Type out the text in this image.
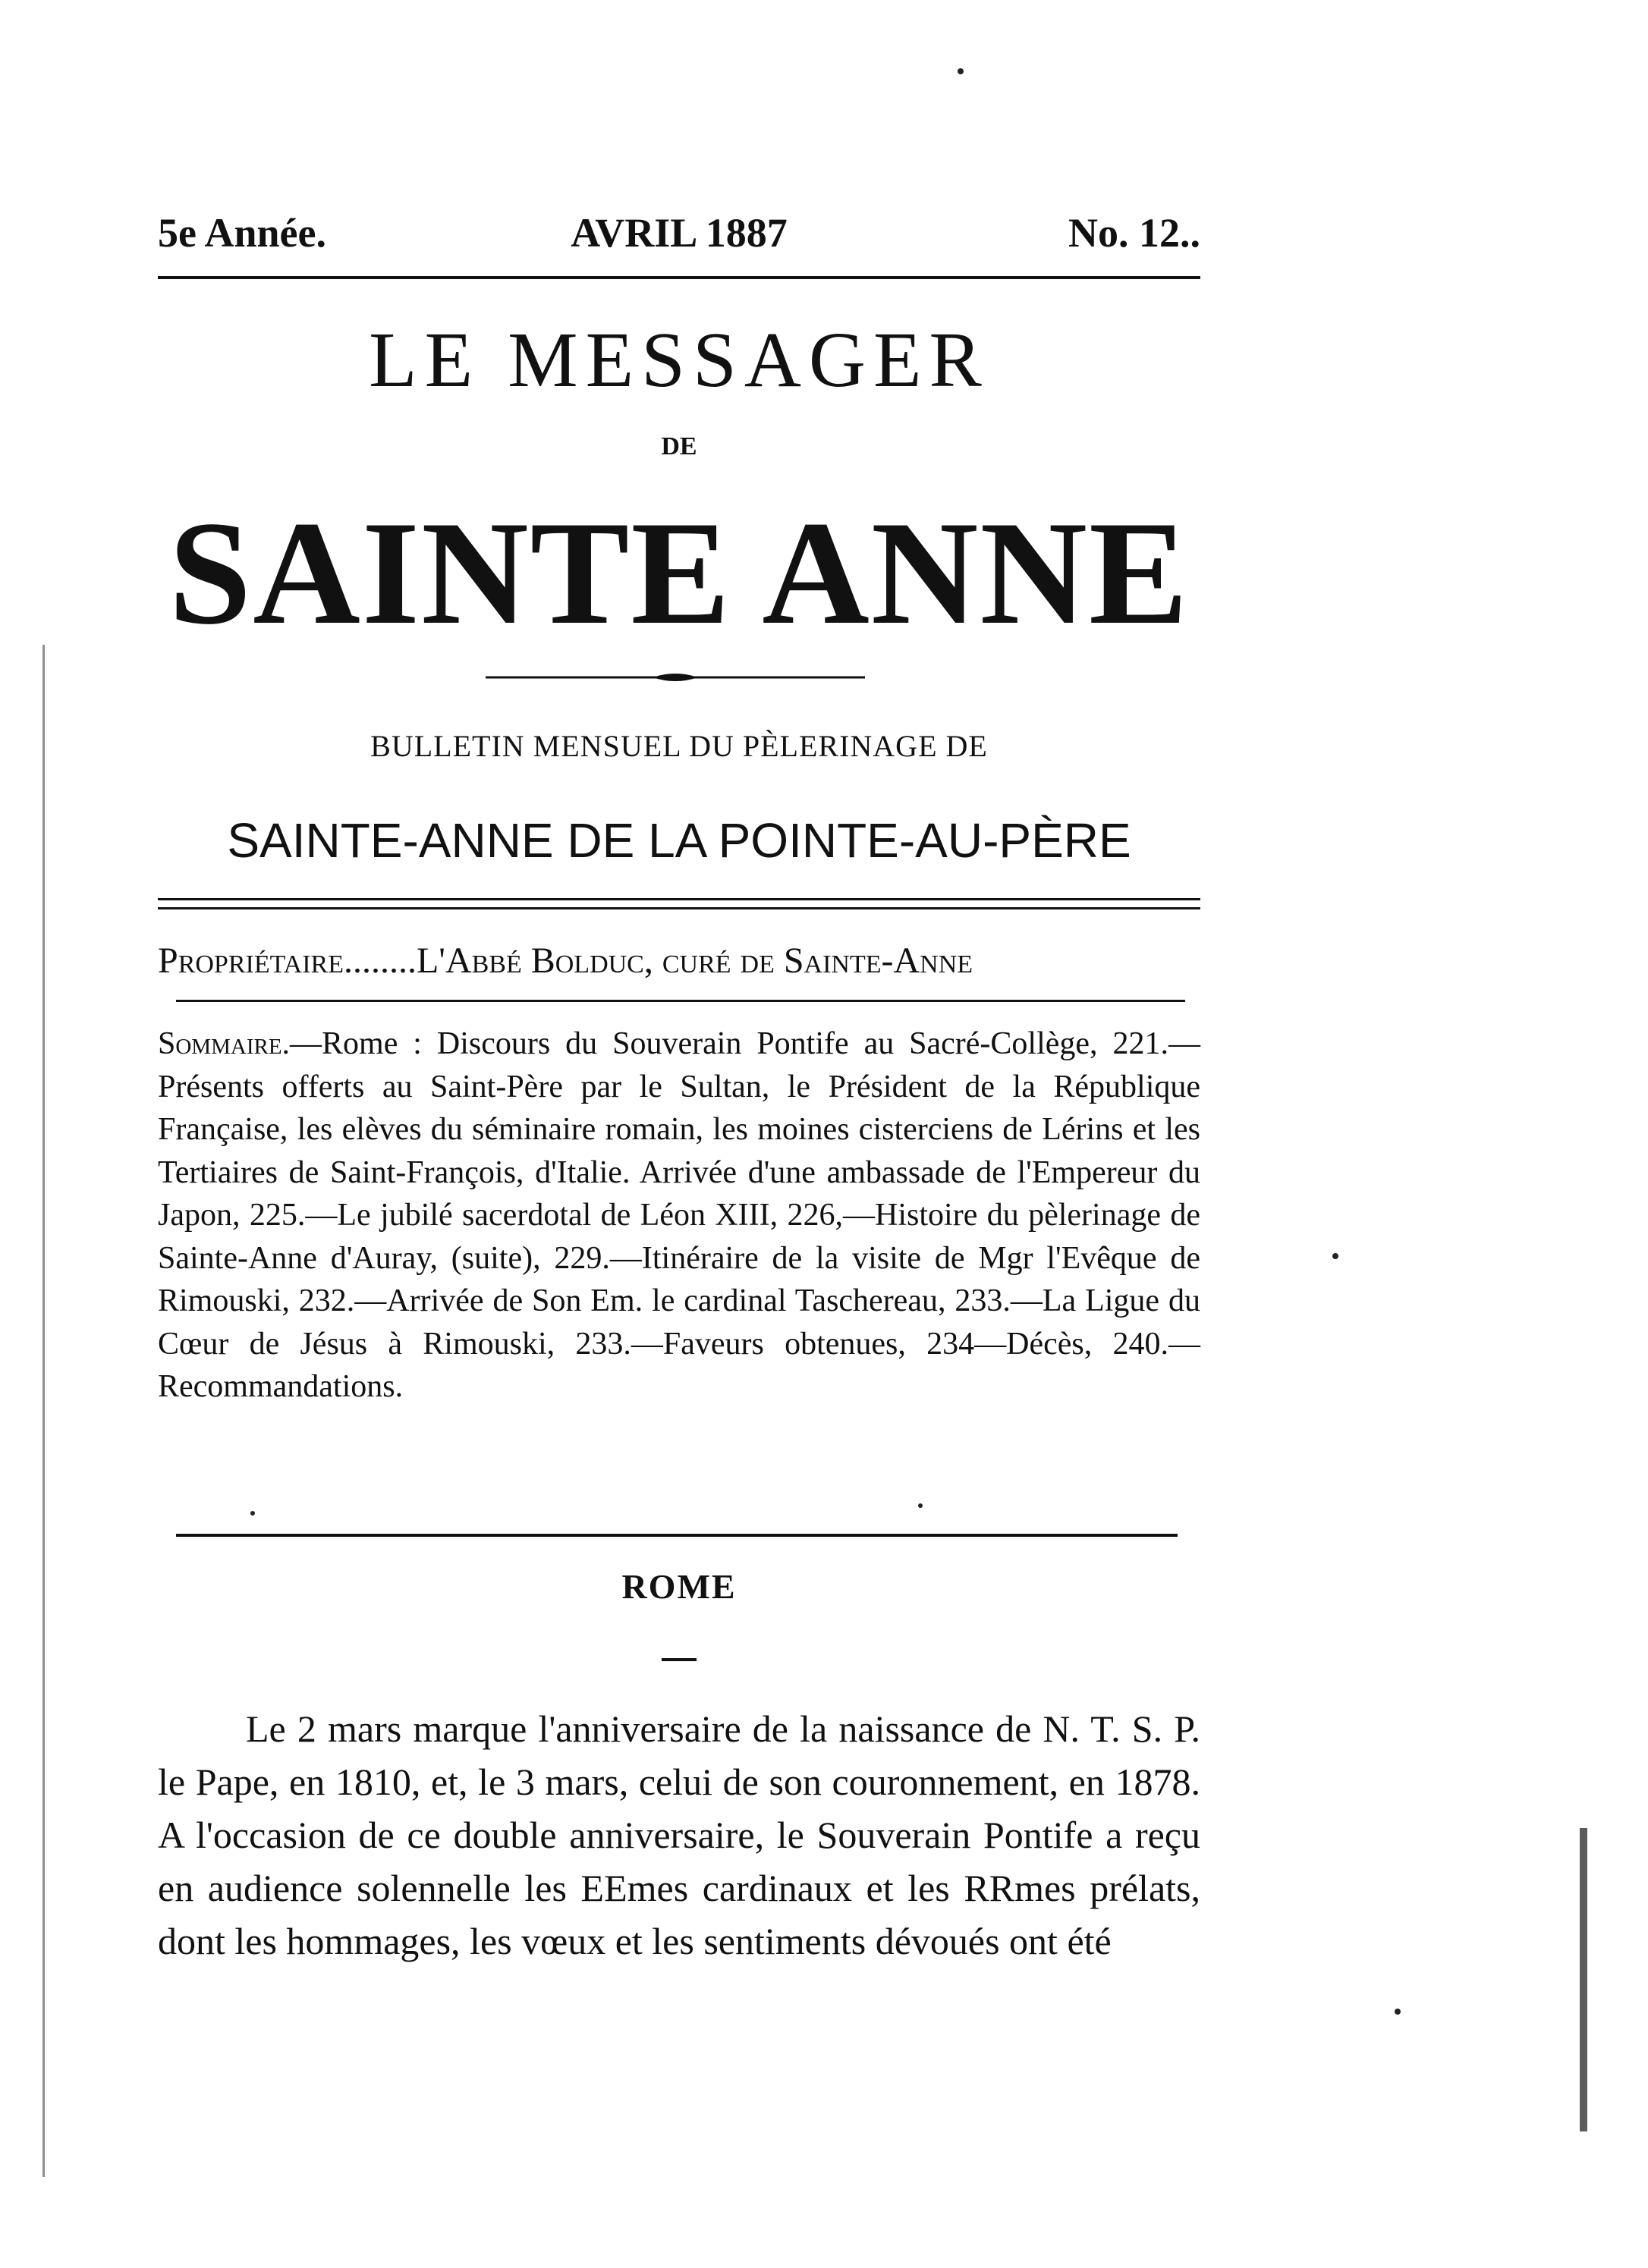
5e Année.	AVRIL 1887	No. 12..
LE MESSAGER
DE
SAINTE ANNE
BULLETIN MENSUEL DU PÈLERINAGE DE
SAINTE-ANNE DE LA POINTE-AU-PÈRE
Propriétaire........L'Abbé Bolduc, curé de Sainte-Anne
Sommaire.—Rome : Discours du Souverain Pontife au Sacré-Collège, 221.—Présents offerts au Saint-Père par le Sultan, le Président de la République Française, les elèves du séminaire romain, les moines cisterciens de Lérins et les Tertiaires de Saint-François, d'Italie. Arrivée d'une ambassade de l'Empereur du Japon, 225.—Le jubilé sacerdotal de Léon XIII, 226,—Histoire du pèlerinage de Sainte-Anne d'Auray, (suite), 229.—Itinéraire de la visite de Mgr l'Evêque de Rimouski, 232.—Arrivée de Son Em. le cardinal Taschereau, 233.—La Ligue du Cœur de Jésus à Rimouski, 233.—Faveurs obtenues, 234—Décès, 240.—Recommandations.
ROME

Le 2 mars marque l'anniversaire de la naissance de N. T. S. P. le Pape, en 1810, et, le 3 mars, celui de son couronnement, en 1878. A l'occasion de ce double anniversaire, le Souverain Pontife a reçu en audience solennelle les EEmes cardinaux et les RRmes prélats, dont les hommages, les vœux et les sentiments dévoués ont été
